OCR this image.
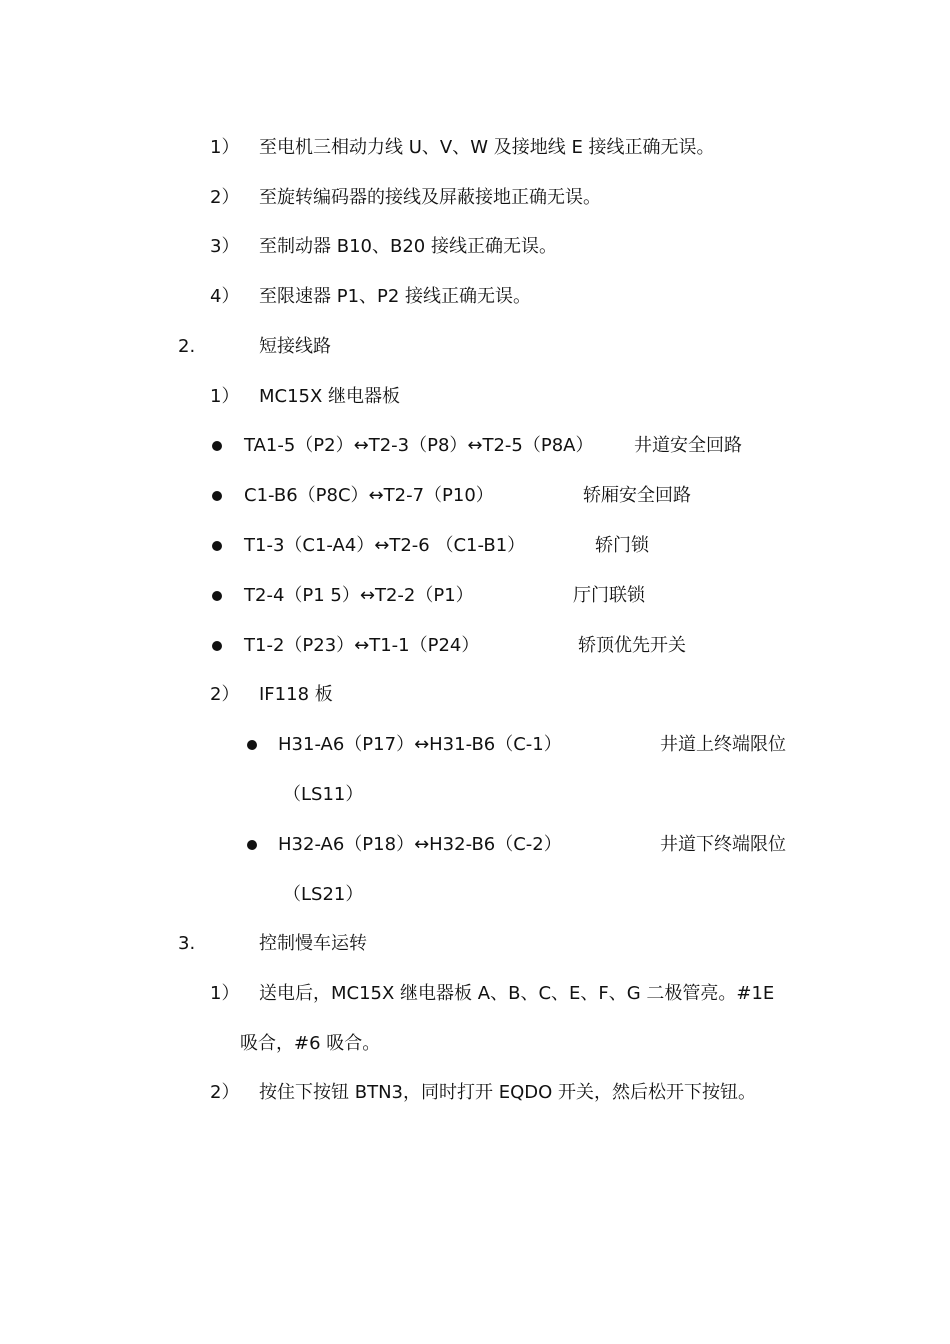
1） 至电机三相动力线 U、V、W 及接地线 E 接线正确无误。
2） 至旋转编码器的接线及屏蔽接地正确无误。
3） 至制动器 B10、B20 接线正确无误。
4） 至限速器 P1、P2 接线正确无误。
2.	短接线路
1） MC15X 继电器板
TA1-5（P2）↔T2-3（P8）↔T2-5（P8A） 井道安全回路
C1-B6（P8C）↔T2-7（P10）	轿厢安全回路
T1-3（C1-A4）↔T2-6 （C1-B1）	轿门锁
T2-4（P1 5）↔T2-2（P1）	厅门联锁
T1-2（P23）↔T1-1（P24）	轿顶优先开关
2） IF118 板
H31-A6（P17）↔H31-B6（C-1）	井道上终端限位
（LS11）
H32-A6（P18）↔H32-B6（C-2）	井道下终端限位
（LS21）
3.	控制慢车运转
1） 送电后，MC15X 继电器板 A、B、C、E、F、G 二极管亮。#1E
吸合，#6 吸合。
2） 按住下按钮 BTN3，同时打开 EQDO 开关，然后松开下按钮。
